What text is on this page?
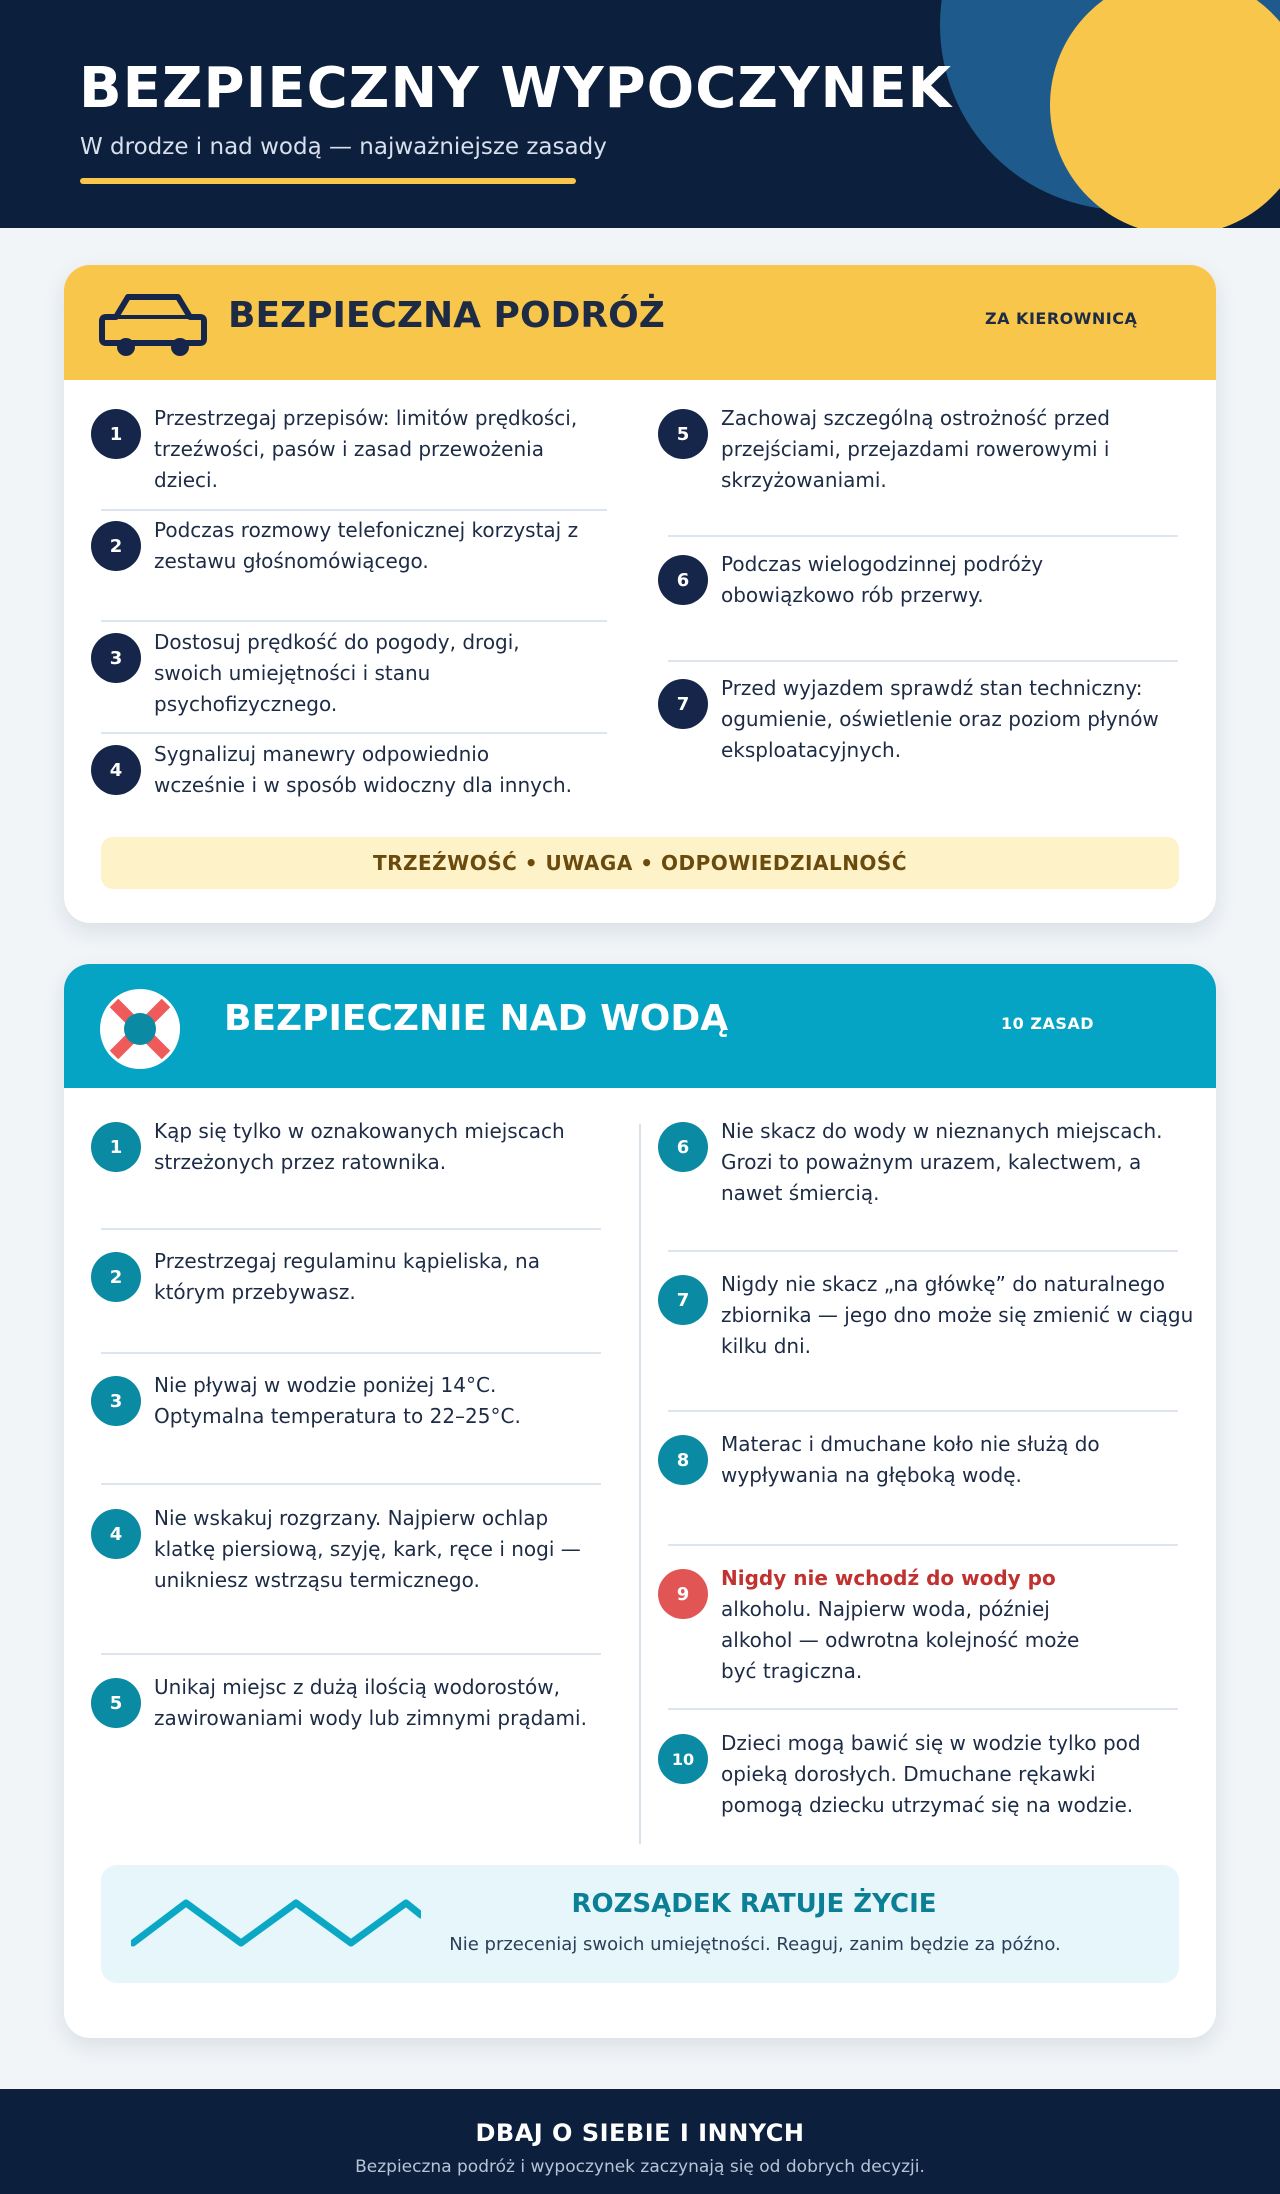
BEZPIECZNY WYPOCZYNEK
W drodze i nad wodą — najważniejsze zasady
BEZPIECZNA PODRÓŻ	ZA KIEROWNICĄ
1
Przestrzegaj przepisów: limitów prędkości, trzeźwości, pasów i zasad przewożenia dzieci.
2
Podczas rozmowy telefonicznej korzystaj z zestawu głośnomówiącego.
3
Dostosuj prędkość do pogody, drogi, swoich umiejętności i stanu psychofizycznego.
4
Sygnalizuj manewry odpowiednio wcześnie i w sposób widoczny dla innych.
5
Zachowaj szczególną ostrożność przed przejściami, przejazdami rowerowymi i skrzyżowaniami.
6
Podczas wielogodzinnej podróży obowiązkowo rób przerwy.
7
Przed wyjazdem sprawdź stan techniczny: ogumienie, oświetlenie oraz poziom płynów eksploatacyjnych.
TRZEŹWOŚĆ • UWAGA • ODPOWIEDZIALNOŚĆ
BEZPIECZNIE NAD WODĄ	10 ZASAD
1
Kąp się tylko w oznakowanych miejscach strzeżonych przez ratownika.
2
Przestrzegaj regulaminu kąpieliska, na którym przebywasz.
3
Nie pływaj w wodzie poniżej 14°C. Optymalna temperatura to 22–25°C.
4
Nie wskakuj rozgrzany. Najpierw ochlap klatkę piersiową, szyję, kark, ręce i nogi — unikniesz wstrząsu termicznego.
5
Unikaj miejsc z dużą ilością wodorostów, zawirowaniami wody lub zimnymi prądami.
6
Nie skacz do wody w nieznanych miejscach. Grozi to poważnym urazem, kalectwem, a nawet śmiercią.
7
Nigdy nie skacz „na główkę” do naturalnego zbiornika — jego dno może się zmienić w ciągu kilku dni.
8
Materac i dmuchane koło nie służą do wypływania na głęboką wodę.
9
Nigdy nie wchodź do wody po
alkoholu. Najpierw woda, później alkohol — odwrotna kolejność może być tragiczna.
10
Dzieci mogą bawić się w wodzie tylko pod opieką dorosłych. Dmuchane rękawki pomogą dziecku utrzymać się na wodzie.
ROZSĄDEK RATUJE ŻYCIE
Nie przeceniaj swoich umiejętności. Reaguj, zanim będzie za późno.
DBAJ O SIEBIE I INNYCH
Bezpieczna podróż i wypoczynek zaczynają się od dobrych decyzji.
